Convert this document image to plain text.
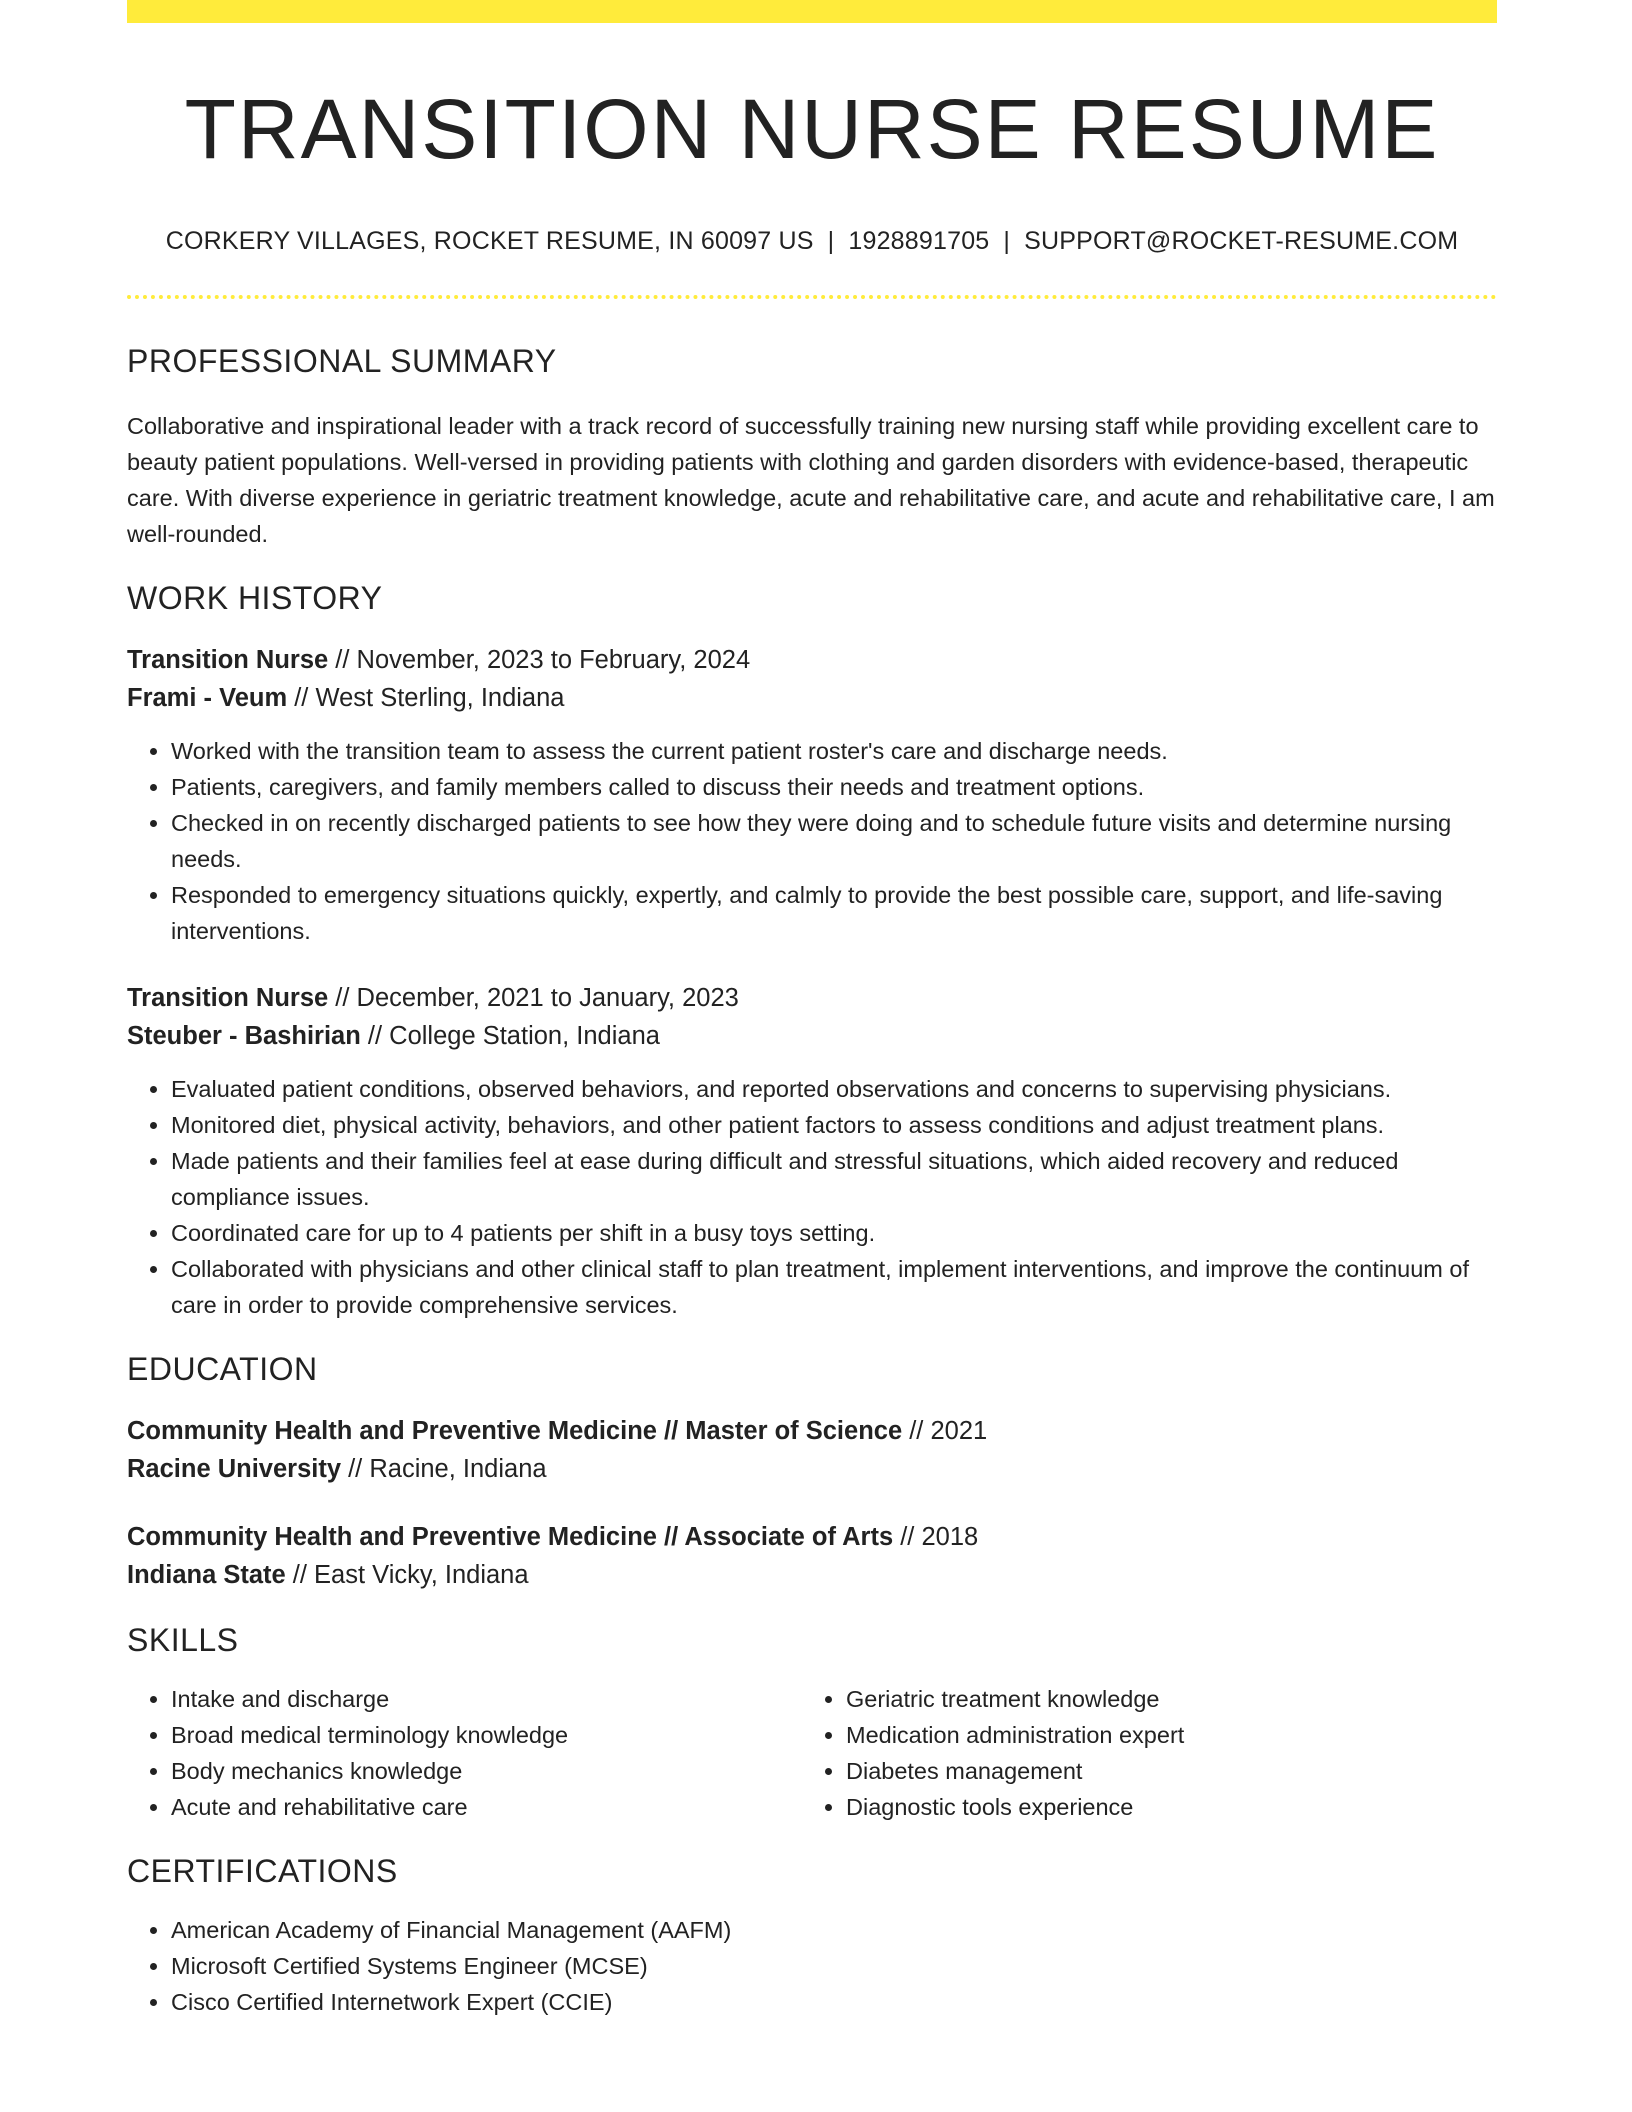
TRANSITION NURSE RESUME
CORKERY VILLAGES, ROCKET RESUME, IN 60097 US | 1928891705 | SUPPORT@ROCKET-RESUME.COM
PROFESSIONAL SUMMARY

Collaborative and inspirational leader with a track record of successfully training new nursing staff while providing excellent care to beauty patient populations. Well-versed in providing patients with clothing and garden disorders with evidence-based, therapeutic care. With diverse experience in geriatric treatment knowledge, acute and rehabilitative care, and acute and rehabilitative care, I am well-rounded.

WORK HISTORY
Transition Nurse // November, 2023 to February, 2024
Frami - Veum // West Sterling, Indiana
• Worked with the transition team to assess the current patient roster's care and discharge needs.
• Patients, caregivers, and family members called to discuss their needs and treatment options.
• Checked in on recently discharged patients to see how they were doing and to schedule future visits and determine nursing needs.
• Responded to emergency situations quickly, expertly, and calmly to provide the best possible care, support, and life-saving interventions.
Transition Nurse // December, 2021 to January, 2023
Steuber - Bashirian // College Station, Indiana
• Evaluated patient conditions, observed behaviors, and reported observations and concerns to supervising physicians.
• Monitored diet, physical activity, behaviors, and other patient factors to assess conditions and adjust treatment plans.
• Made patients and their families feel at ease during difficult and stressful situations, which aided recovery and reduced compliance issues.
• Coordinated care for up to 4 patients per shift in a busy toys setting.
• Collaborated with physicians and other clinical staff to plan treatment, implement interventions, and improve the continuum of care in order to provide comprehensive services.
EDUCATION
Community Health and Preventive Medicine // Master of Science // 2021
Racine University // Racine, Indiana
Community Health and Preventive Medicine // Associate of Arts // 2018
Indiana State // East Vicky, Indiana
SKILLS
• Intake and discharge
• Broad medical terminology knowledge
• Body mechanics knowledge
• Acute and rehabilitative care
• Geriatric treatment knowledge
• Medication administration expert
• Diabetes management
• Diagnostic tools experience
CERTIFICATIONS
• American Academy of Financial Management (AAFM)
• Microsoft Certified Systems Engineer (MCSE)
• Cisco Certified Internetwork Expert (CCIE)
